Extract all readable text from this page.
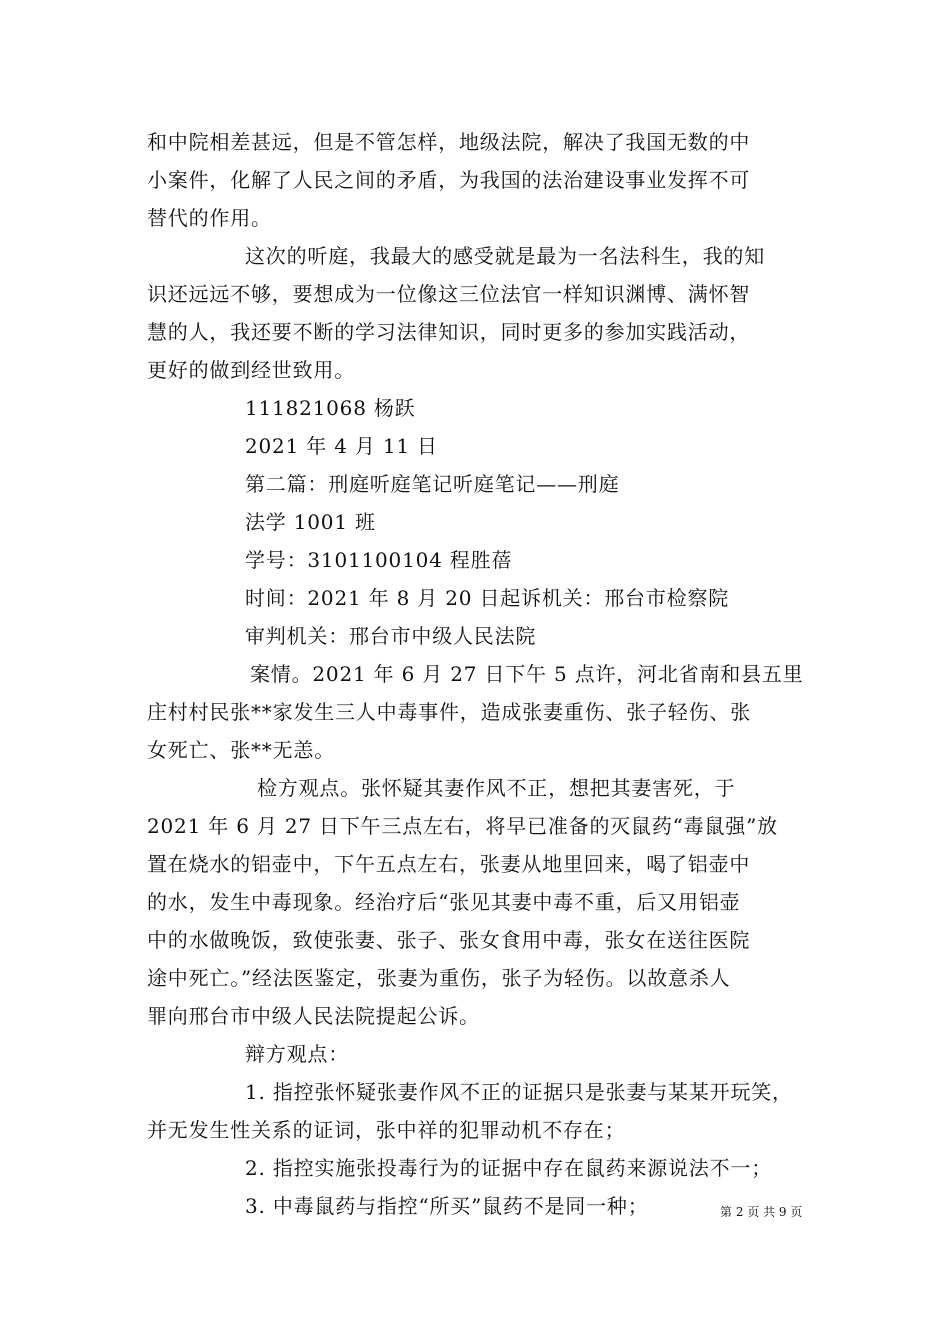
和中院相差甚远，但是不管怎样，地级法院，解决了我国无数的中
小案件，化解了人民之间的矛盾，为我国的法治建设事业发挥不可
替代的作用。
这次的听庭，我最大的感受就是最为一名法科生，我的知
识还远远不够，要想成为一位像这三位法官一样知识渊博、满怀智
慧的人，我还要不断的学习法律知识，同时更多的参加实践活动，
更好的做到经世致用。
111821068 杨跃
2021 年 4 月 11 日
第二篇：刑庭听庭笔记听庭笔记——刑庭
法学 1001 班
学号：3101100104 程胜蓓
时间：2021 年 8 月 20 日起诉机关：邢台市检察院
审判机关：邢台市中级人民法院
案情。2021 年 6 月 27 日下午 5 点许，河北省南和县五里
庄村村民张**家发生三人中毒事件，造成张妻重伤、张子轻伤、张
女死亡、张**无恙。
检方观点。张怀疑其妻作风不正，想把其妻害死，于
2021 年 6 月 27 日下午三点左右，将早已准备的灭鼠药“毒鼠强”放
置在烧水的铝壶中，下午五点左右，张妻从地里回来，喝了铝壶中
的水，发生中毒现象。经治疗后“张见其妻中毒不重，后又用铝壶
中的水做晚饭，致使张妻、张子、张女食用中毒，张女在送往医院
途中死亡。”经法医鉴定，张妻为重伤，张子为轻伤。以故意杀人
罪向邢台市中级人民法院提起公诉。
辩方观点：
1. 指控张怀疑张妻作风不正的证据只是张妻与某某开玩笑，
并无发生性关系的证词，张中祥的犯罪动机不存在；
2. 指控实施张投毒行为的证据中存在鼠药来源说法不一；
3. 中毒鼠药与指控“所买”鼠药不是同一种；	第 2 页 共 9 页
